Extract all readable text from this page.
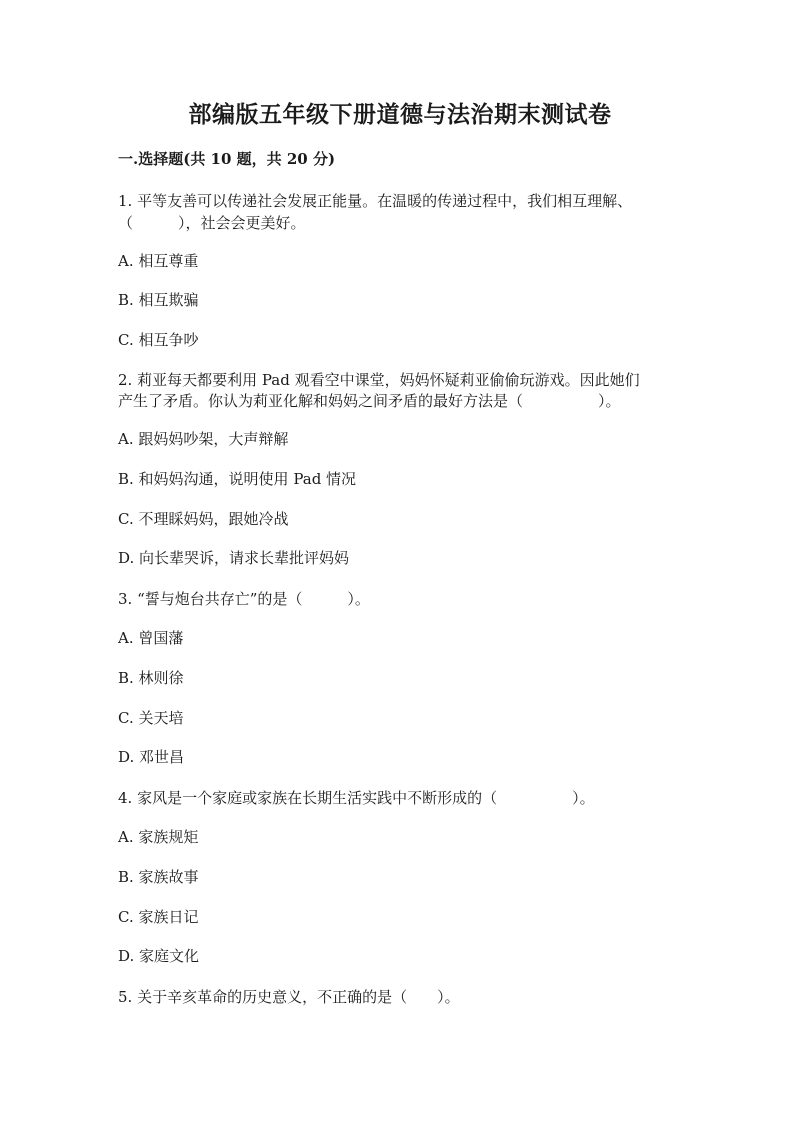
部编版五年级下册道德与法治期末测试卷
一.选择题(共 10 题，共 20 分)
1. 平等友善可以传递社会发展正能量。在温暖的传递过程中，我们相互理解、
（　　　），社会会更美好。
A. 相互尊重
B. 相互欺骗
C. 相互争吵
2. 莉亚每天都要利用 Pad 观看空中课堂，妈妈怀疑莉亚偷偷玩游戏。因此她们
产生了矛盾。你认为莉亚化解和妈妈之间矛盾的最好方法是（　　　　　）。
A. 跟妈妈吵架，大声辩解
B. 和妈妈沟通，说明使用 Pad 情况
C. 不理睬妈妈，跟她冷战
D. 向长辈哭诉，请求长辈批评妈妈
3. “誓与炮台共存亡”的是（　　　）。
A. 曾国藩
B. 林则徐
C. 关天培
D. 邓世昌
4. 家风是一个家庭或家族在长期生活实践中不断形成的（　　　　　）。
A. 家族规矩
B. 家族故事
C. 家族日记
D. 家庭文化
5. 关于辛亥革命的历史意义，不正确的是（　　）。
